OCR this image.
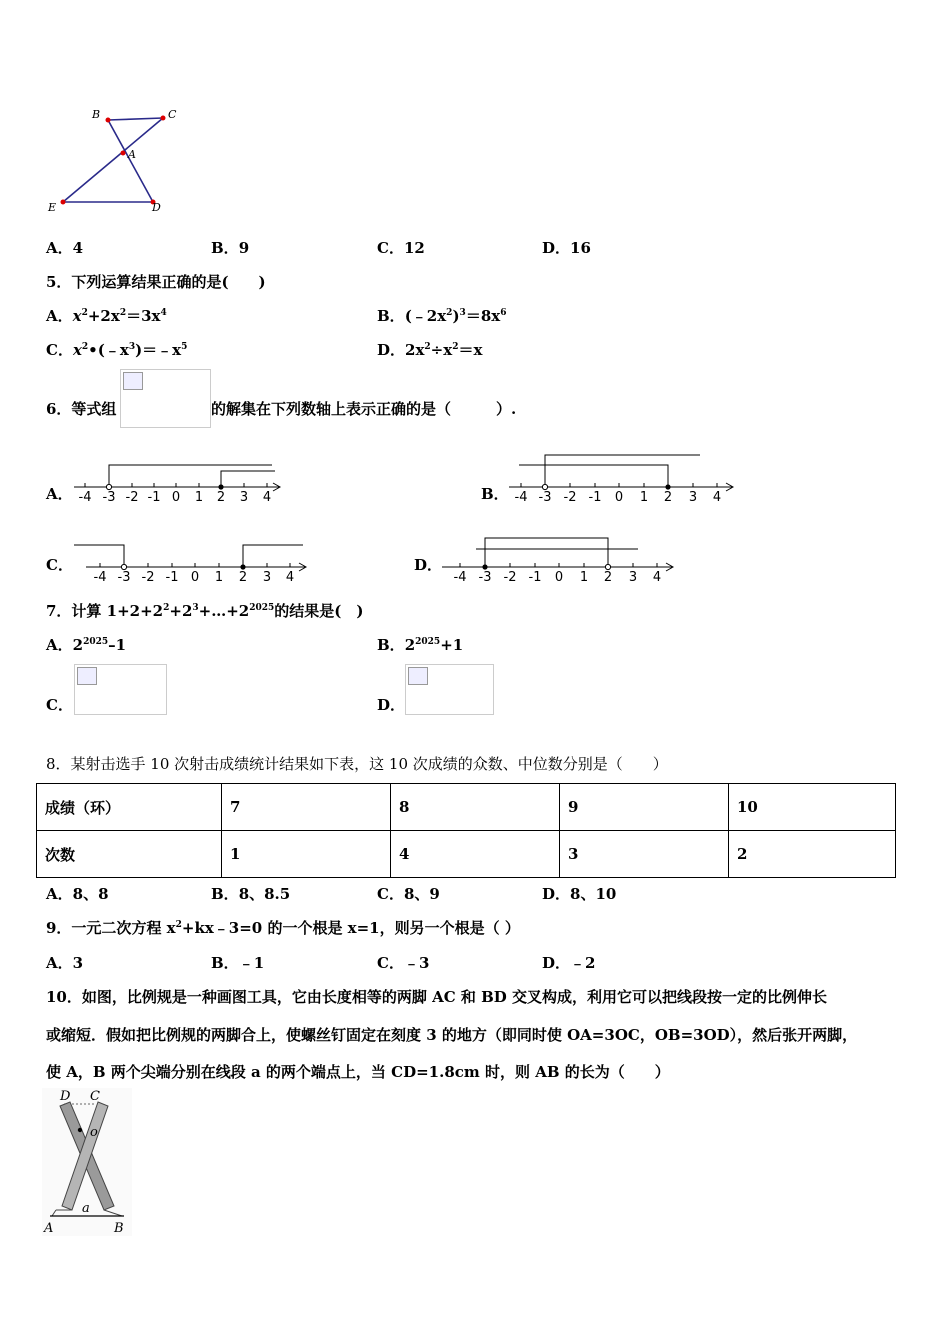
B	C
A
E	D
A．4	B．9	C．12	D．16
5．下列运算结果正确的是(　　)
A．$x^2+2x^2=3x^4$	B．$(﹣2x^2)^3=8x^6$
C．$x^2•(﹣x^3)=﹣x^5$	D．$2x^2\div x^2=x$
6．等式组	的解集在下列数轴上表示正确的是（　　　）.
A． -4 -3 -2 -1 0 1 2 3 4	B． -4 -3 -2 -1 0 1 2 3 4
C．
-4 -3 -2 -1 0 1 2 3 4
D．
-4 -3 -2 -1 0 1 2 3 4
7．计算 $1+2+2^2+2^3+\dots+2^{2025}$的结果是(　)
A．$2^{2025}-1$	B．$2^{2025}+1$
C．	D．
8．某射击选手 10 次射击成绩统计结果如下表，这 10 次成绩的众数、中位数分别是（　　）
成绩（环）	7	8	9	10
次数	1	4	3	2
A．8、8	B．8、8.5	C．8、9	D．8、10
9．一元二次方程 $x^2+kx﹣3=0$ 的一个根是 x=1，则另一个根是（ ）
A．3	B．﹣1	C．﹣3	D．﹣2
10．如图，比例规是一种画图工具，它由长度相等的两脚 AC 和 BD 交叉构成，利用它可以把线段按一定的比例伸长
或缩短．假如把比例规的两脚合上，使螺丝钉固定在刻度 3 的地方（即同时使 OA=3OC，OB=3OD），然后张开两脚，
使 A，B 两个尖端分别在线段 a 的两个端点上，当 CD=1.8cm 时，则 AB 的长为（　　）
D C
o
a
A	B
